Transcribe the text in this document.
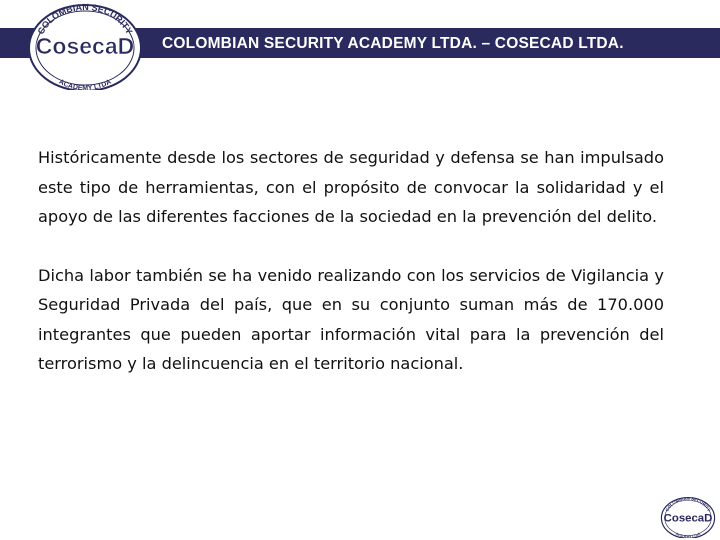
COLOMBIAN SECURITY ACADEMY LTDA. – COSECAD LTDA.
COLOMBIAN SECURITY
ACADEMY LTDA
CosecaD

Históricamente desde los sectores de seguridad y defensa se han impulsado este tipo de herramientas, con el propósito de convocar la solidaridad y el apoyo de las diferentes facciones de la sociedad en la prevención del delito.

Dicha labor también se ha venido realizando con los servicios de Vigilancia y Seguridad Privada del país, que en su conjunto suman más de 170.000 integrantes que pueden aportar información vital para la prevención del terrorismo y la delincuencia en el territorio nacional.

COLOMBIAN SECURITY
ACADEMY LTDA
CosecaD
